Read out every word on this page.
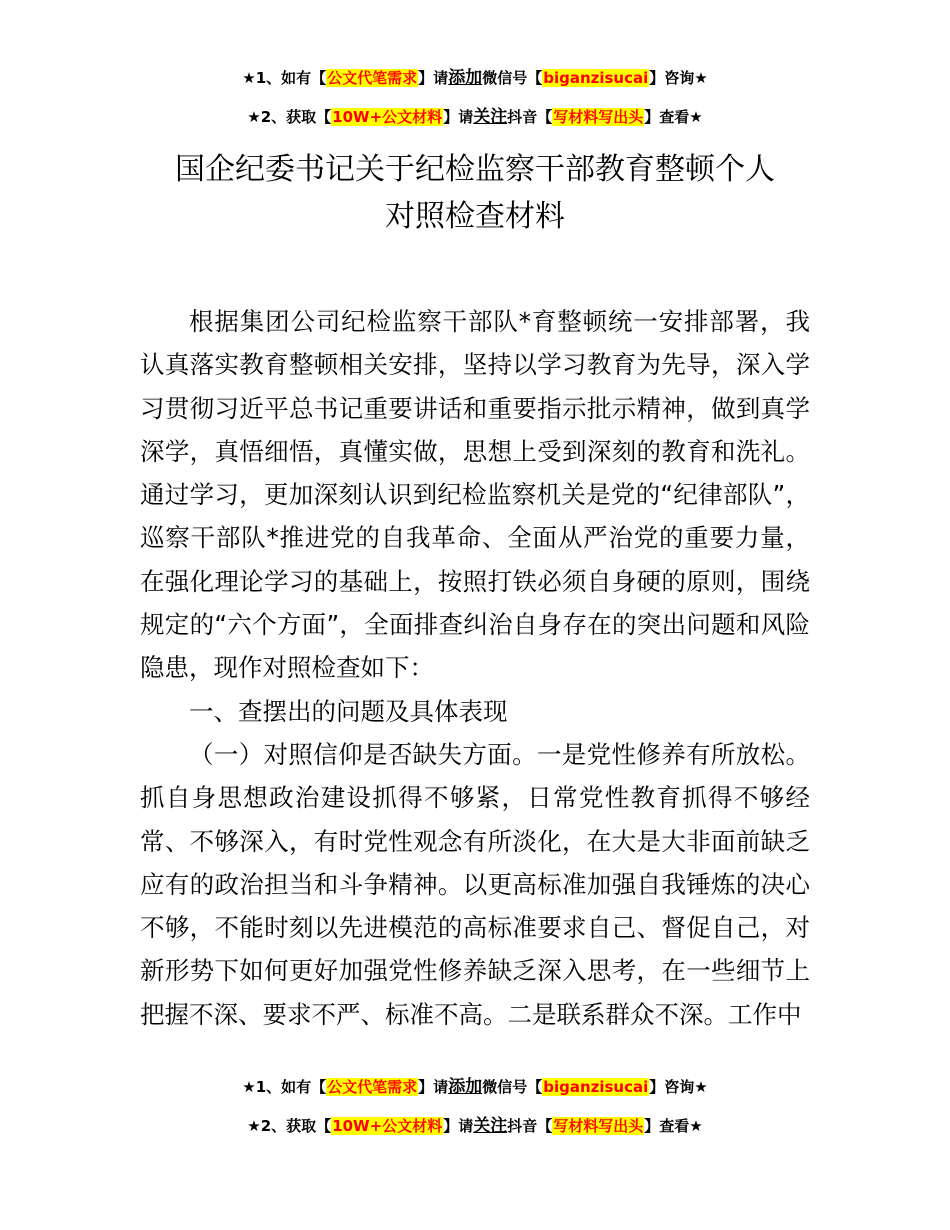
★1、如有【公文代笔需求】请添加微信号【biganzisucai】咨询★
★2、获取【10W+公文材料】请关注抖音【写材料写出头】查看★
国企纪委书记关于纪检监察干部教育整顿个人
对照检查材料

根据集团公司纪检监察干部队*育整顿统一安排部署，我认真落实教育整顿相关安排，坚持以学习教育为先导，深入学习贯彻习近平总书记重要讲话和重要指示批示精神，做到真学深学，真悟细悟，真懂实做，思想上受到深刻的教育和洗礼。通过学习，更加深刻认识到纪检监察机关是党的“纪律部队”，巡察干部队*推进党的自我革命、全面从严治党的重要力量，在强化理论学习的基础上，按照打铁必须自身硬的原则，围绕规定的“六个方面”，全面排查纠治自身存在的突出问题和风险隐患，现作对照检查如下：

一、查摆出的问题及具体表现

（一）对照信仰是否缺失方面。一是党性修养有所放松。抓自身思想政治建设抓得不够紧，日常党性教育抓得不够经常、不够深入，有时党性观念有所淡化，在大是大非面前缺乏应有的政治担当和斗争精神。以更高标准加强自我锤炼的决心不够，不能时刻以先进模范的高标准要求自己、督促自己，对新形势下如何更好加强党性修养缺乏深入思考，在一些细节上把握不深、要求不严、标准不高。二是联系群众不深。工作中

★1、如有【公文代笔需求】请添加微信号【biganzisucai】咨询★
★2、获取【10W+公文材料】请关注抖音【写材料写出头】查看★
